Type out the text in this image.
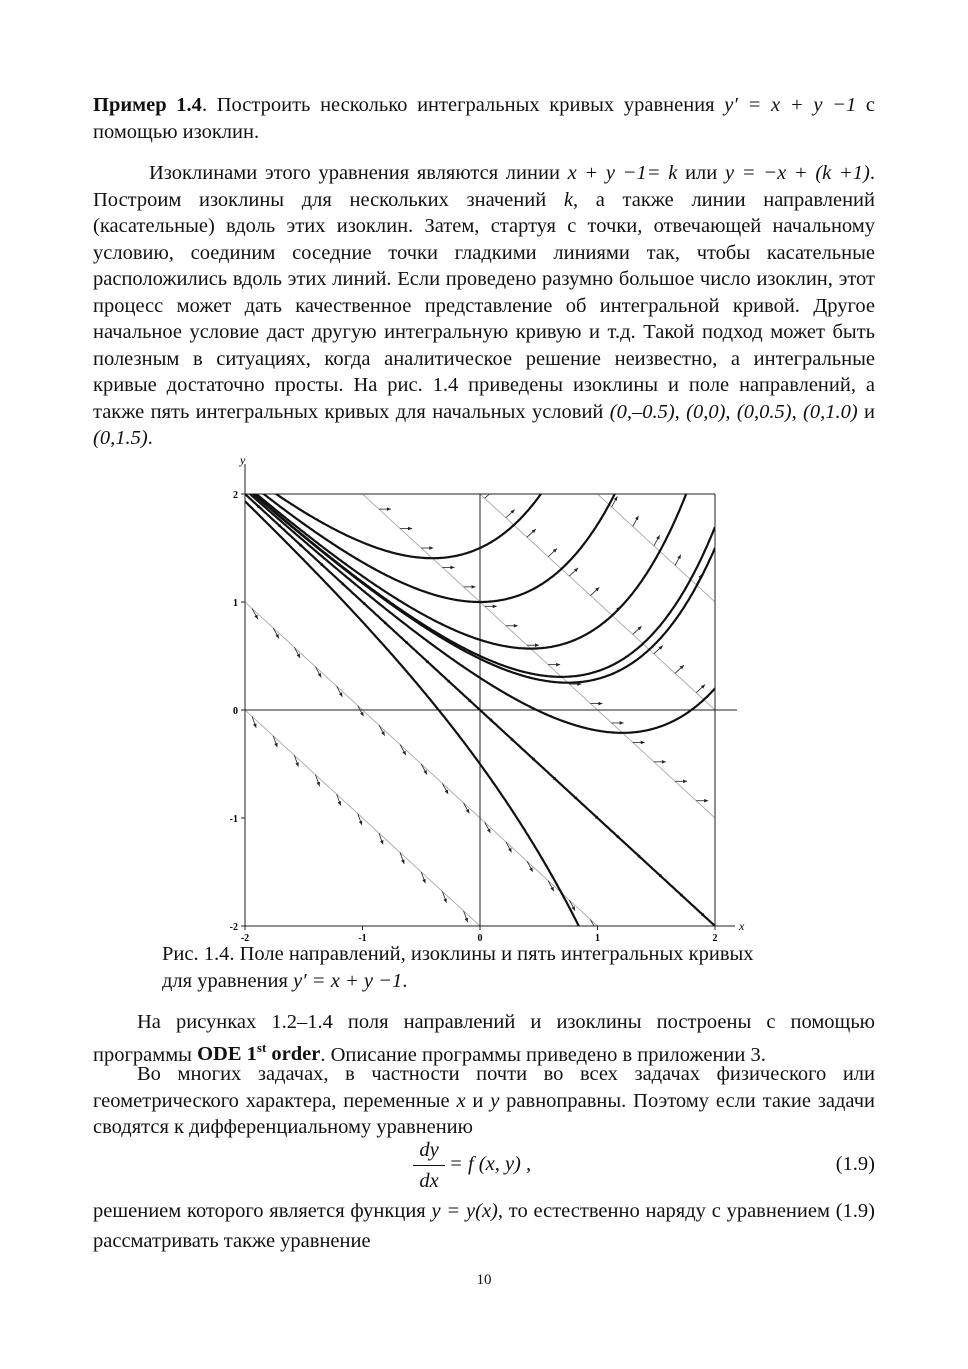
Пример 1.4. Построить несколько интегральных кривых уравнения y′ = x + y −1 с помощью изоклин.
Изоклинами этого уравнения являются линии x + y −1= k или y = −x + (k +1). Построим изоклины для нескольких значений k, а также линии направлений (касательные) вдоль этих изоклин. Затем, стартуя с точки, отвечающей начальному условию, соединим соседние точки гладкими линиями так, чтобы касательные расположились вдоль этих линий. Если проведено разумно большое число изоклин, этот процесс может дать качественное представление об интегральной кривой. Другое начальное условие даст другую интегральную кривую и т.д. Такой подход может быть полезным в ситуациях, когда аналитическое решение неизвестно, а интегральные кривые достаточно просты. На рис. 1.4 приведены изоклины и поле направлений, а также пять интегральных кривых для начальных условий (0,–0.5), (0,0), (0,0.5), (0,1.0) и (0,1.5).
-2	-1	0	1	2
2
1
0
-1
-2	x
y
Рис. 1.4. Поле направлений, изоклины и пять интегральных кривых
для уравнения y′ = x + y −1.
На рисунках 1.2–1.4 поля направлений и изоклины построены с помощью программы ODE 1st order. Описание программы приведено в приложении 3.
Во многих задачах, в частности почти во всех задачах физического или геометрического характера, переменные x и y равноправны. Поэтому если такие задачи сводятся к дифференциальному уравнению
dy
dx
= f (x, y) ,	(1.9)
решением которого является функция y = y(x), то естественно наряду с уравнением (1.9) рассматривать также уравнение
10
